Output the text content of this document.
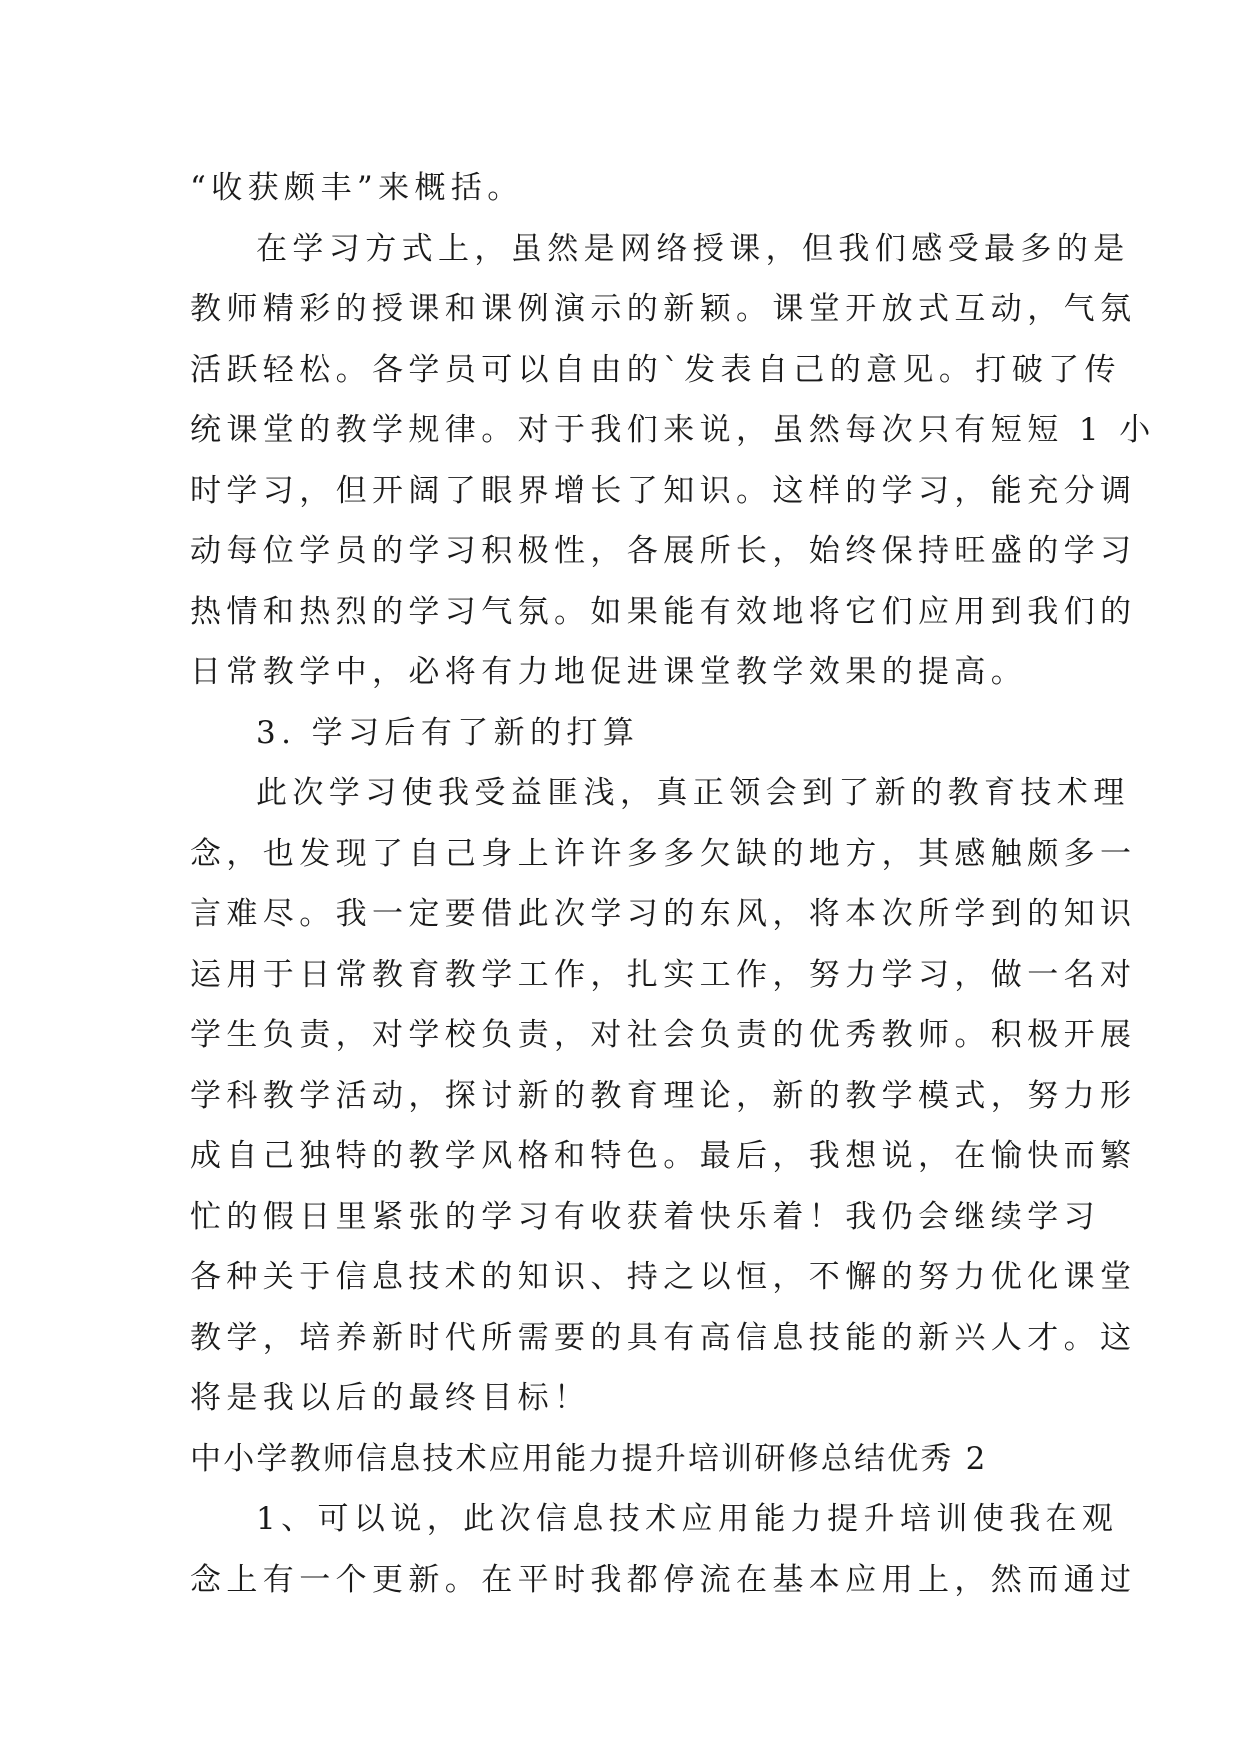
“收获颇丰”来概括。
在学习方式上，虽然是网络授课，但我们感受最多的是
教师精彩的授课和课例演示的新颖。课堂开放式互动，气氛
活跃轻松。各学员可以自由的`发表自己的意见。打破了传
统课堂的教学规律。对于我们来说，虽然每次只有短短 1 小
时学习，但开阔了眼界增长了知识。这样的学习，能充分调
动每位学员的学习积极性，各展所长，始终保持旺盛的学习
热情和热烈的学习气氛。如果能有效地将它们应用到我们的
日常教学中，必将有力地促进课堂教学效果的提高。
3. 学习后有了新的打算
此次学习使我受益匪浅，真正领会到了新的教育技术理
念，也发现了自己身上许许多多欠缺的地方，其感触颇多一
言难尽。我一定要借此次学习的东风，将本次所学到的知识
运用于日常教育教学工作，扎实工作，努力学习，做一名对
学生负责，对学校负责，对社会负责的优秀教师。积极开展
学科教学活动，探讨新的教育理论，新的教学模式，努力形
成自己独特的教学风格和特色。最后，我想说，在愉快而繁
忙的假日里紧张的学习有收获着快乐着！我仍会继续学习
各种关于信息技术的知识、持之以恒，不懈的努力优化课堂
教学，培养新时代所需要的具有高信息技能的新兴人才。这
将是我以后的最终目标！
中小学教师信息技术应用能力提升培训研修总结优秀 2
1、可以说，此次信息技术应用能力提升培训使我在观
念上有一个更新。在平时我都停流在基本应用上，然而通过
